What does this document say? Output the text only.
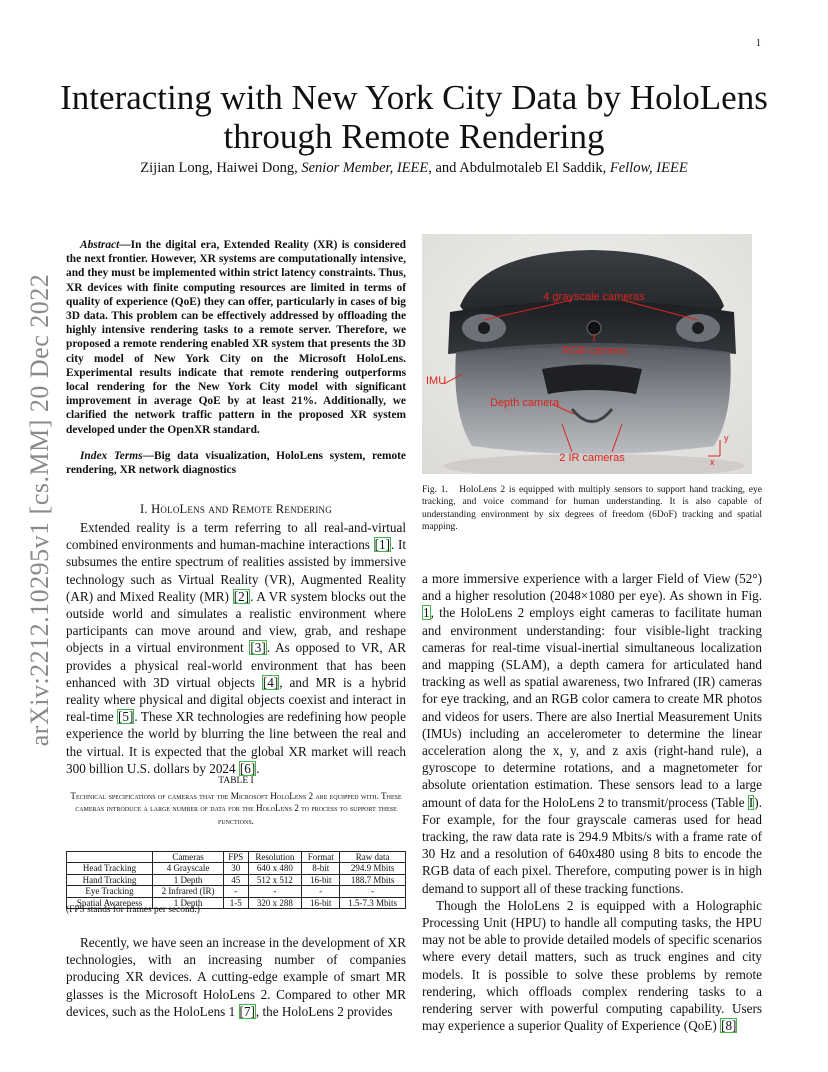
1
Interacting with New York City Data by HoloLens through Remote Rendering
Zijian Long, Haiwei Dong, Senior Member, IEEE, and Abdulmotaleb El Saddik, Fellow, IEEE
arXiv:2212.10295v1 [cs.MM] 20 Dec 2022
Abstract—In the digital era, Extended Reality (XR) is considered the next frontier. However, XR systems are computationally intensive, and they must be implemented within strict latency constraints. Thus, XR devices with finite computing resources are limited in terms of quality of experience (QoE) they can offer, particularly in cases of big 3D data. This problem can be effectively addressed by offloading the highly intensive rendering tasks to a remote server. Therefore, we proposed a remote rendering enabled XR system that presents the 3D city model of New York City on the Microsoft HoloLens. Experimental results indicate that remote rendering outperforms local rendering for the New York City model with significant improvement in average QoE by at least 21%. Additionally, we clarified the network traffic pattern in the proposed XR system developed under the OpenXR standard.
Index Terms—Big data visualization, HoloLens system, remote rendering, XR network diagnostics
I. HoloLens and Remote Rendering
Extended reality is a term referring to all real-and-virtual combined environments and human-machine interactions [1]. It subsumes the entire spectrum of realities assisted by immersive technology such as Virtual Reality (VR), Augmented Reality (AR) and Mixed Reality (MR) [2]. A VR system blocks out the outside world and simulates a realistic environment where participants can move around and view, grab, and reshape objects in a virtual environment [3]. As opposed to VR, AR provides a physical real-world environment that has been enhanced with 3D virtual objects [4], and MR is a hybrid reality where physical and digital objects coexist and interact in real-time [5]. These XR technologies are redefining how people experience the world by blurring the line between the real and the virtual. It is expected that the global XR market will reach 300 billion U.S. dollars by 2024 [6].
TABLE I
Technical specifications of cameras that the Microsoft HoloLens 2 are equipped with. These cameras introduce a large number of data for the HoloLens 2 to process to support these functions.
	Cameras	FPS	Resolution	Format	Raw data
Head Tracking	4 Grayscale	30	640 x 480	8-bit	294.9 Mbits
Hand Tracking	1 Depth	45	512 x 512	16-bit	188.7 Mbits
Eye Tracking	2 Infrared (IR)	-	-	-	-
Spatial Awareness	1 Depth	1-5	320 x 288	16-bit	1.5-7.3 Mbits
(FPS stands for frames per second.)
Recently, we have seen an increase in the development of XR technologies, with an increasing number of companies producing XR devices. A cutting-edge example of smart MR glasses is the Microsoft HoloLens 2. Compared to other MR devices, such as the HoloLens 1 [7], the HoloLens 2 provides
4 grayscale cameras
RGB camera
IMU
Depth camera
2 IR cameras
y
x
Fig. 1. HoloLens 2 is equipped with multiply sensors to support hand tracking, eye tracking, and voice command for human understanding. It is also capable of understanding environment by six degrees of freedom (6DoF) tracking and spatial mapping.

a more immersive experience with a larger Field of View (52°) and a higher resolution (2048×1080 per eye). As shown in Fig. 1, the HoloLens 2 employs eight cameras to facilitate human and environment understanding: four visible-light tracking cameras for real-time visual-inertial simultaneous localization and mapping (SLAM), a depth camera for articulated hand tracking as well as spatial awareness, two Infrared (IR) cameras for eye tracking, and an RGB color camera to create MR photos and videos for users. There are also Inertial Measurement Units (IMUs) including an accelerometer to determine the linear acceleration along the x, y, and z axis (right-hand rule), a gyroscope to determine rotations, and a magnetometer for absolute orientation estimation. These sensors lead to a large amount of data for the HoloLens 2 to transmit/process (Table I). For example, for the four grayscale cameras used for head tracking, the raw data rate is 294.9 Mbits/s with a frame rate of 30 Hz and a resolution of 640x480 using 8 bits to encode the RGB data of each pixel. Therefore, computing power is in high demand to support all of these tracking functions.

Though the HoloLens 2 is equipped with a Holographic Processing Unit (HPU) to handle all computing tasks, the HPU may not be able to provide detailed models of specific scenarios where every detail matters, such as truck engines and city models. It is possible to solve these problems by remote rendering, which offloads complex rendering tasks to a rendering server with powerful computing capability. Users may experience a superior Quality of Experience (QoE) [8]
